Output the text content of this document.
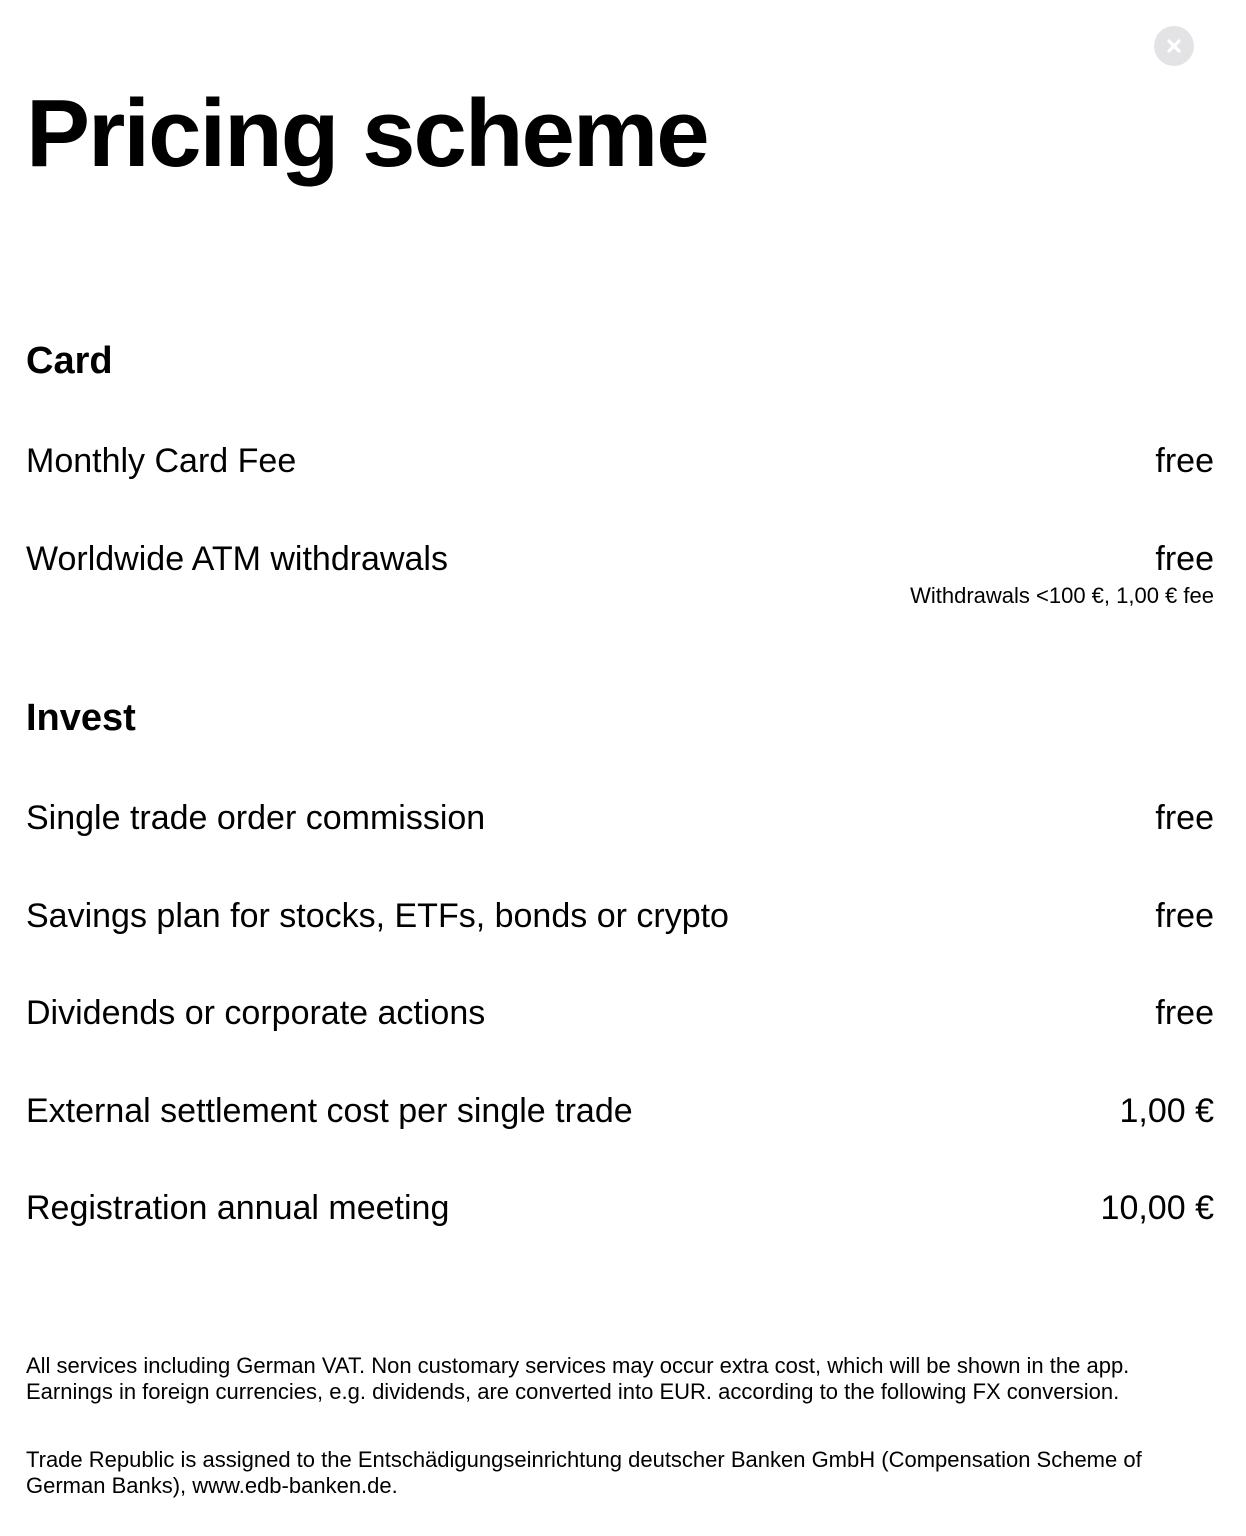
Pricing scheme
Card
Monthly Card Fee	free
Worldwide ATM withdrawals	free
Withdrawals <100 €, 1,00 € fee
Invest
Single trade order commission	free
Savings plan for stocks, ETFs, bonds or crypto	free
Dividends or corporate actions	free
External settlement cost per single trade	1,00 €
Registration annual meeting	10,00 €

All services including German VAT. Non customary services may occur extra cost, which will be shown in the app. Earnings in foreign currencies, e.g. dividends, are converted into EUR. according to the following FX conversion.

Trade Republic is assigned to the Entschädigungseinrichtung deutscher Banken GmbH (Compensation Scheme of German Banks), www.edb-banken.de.
